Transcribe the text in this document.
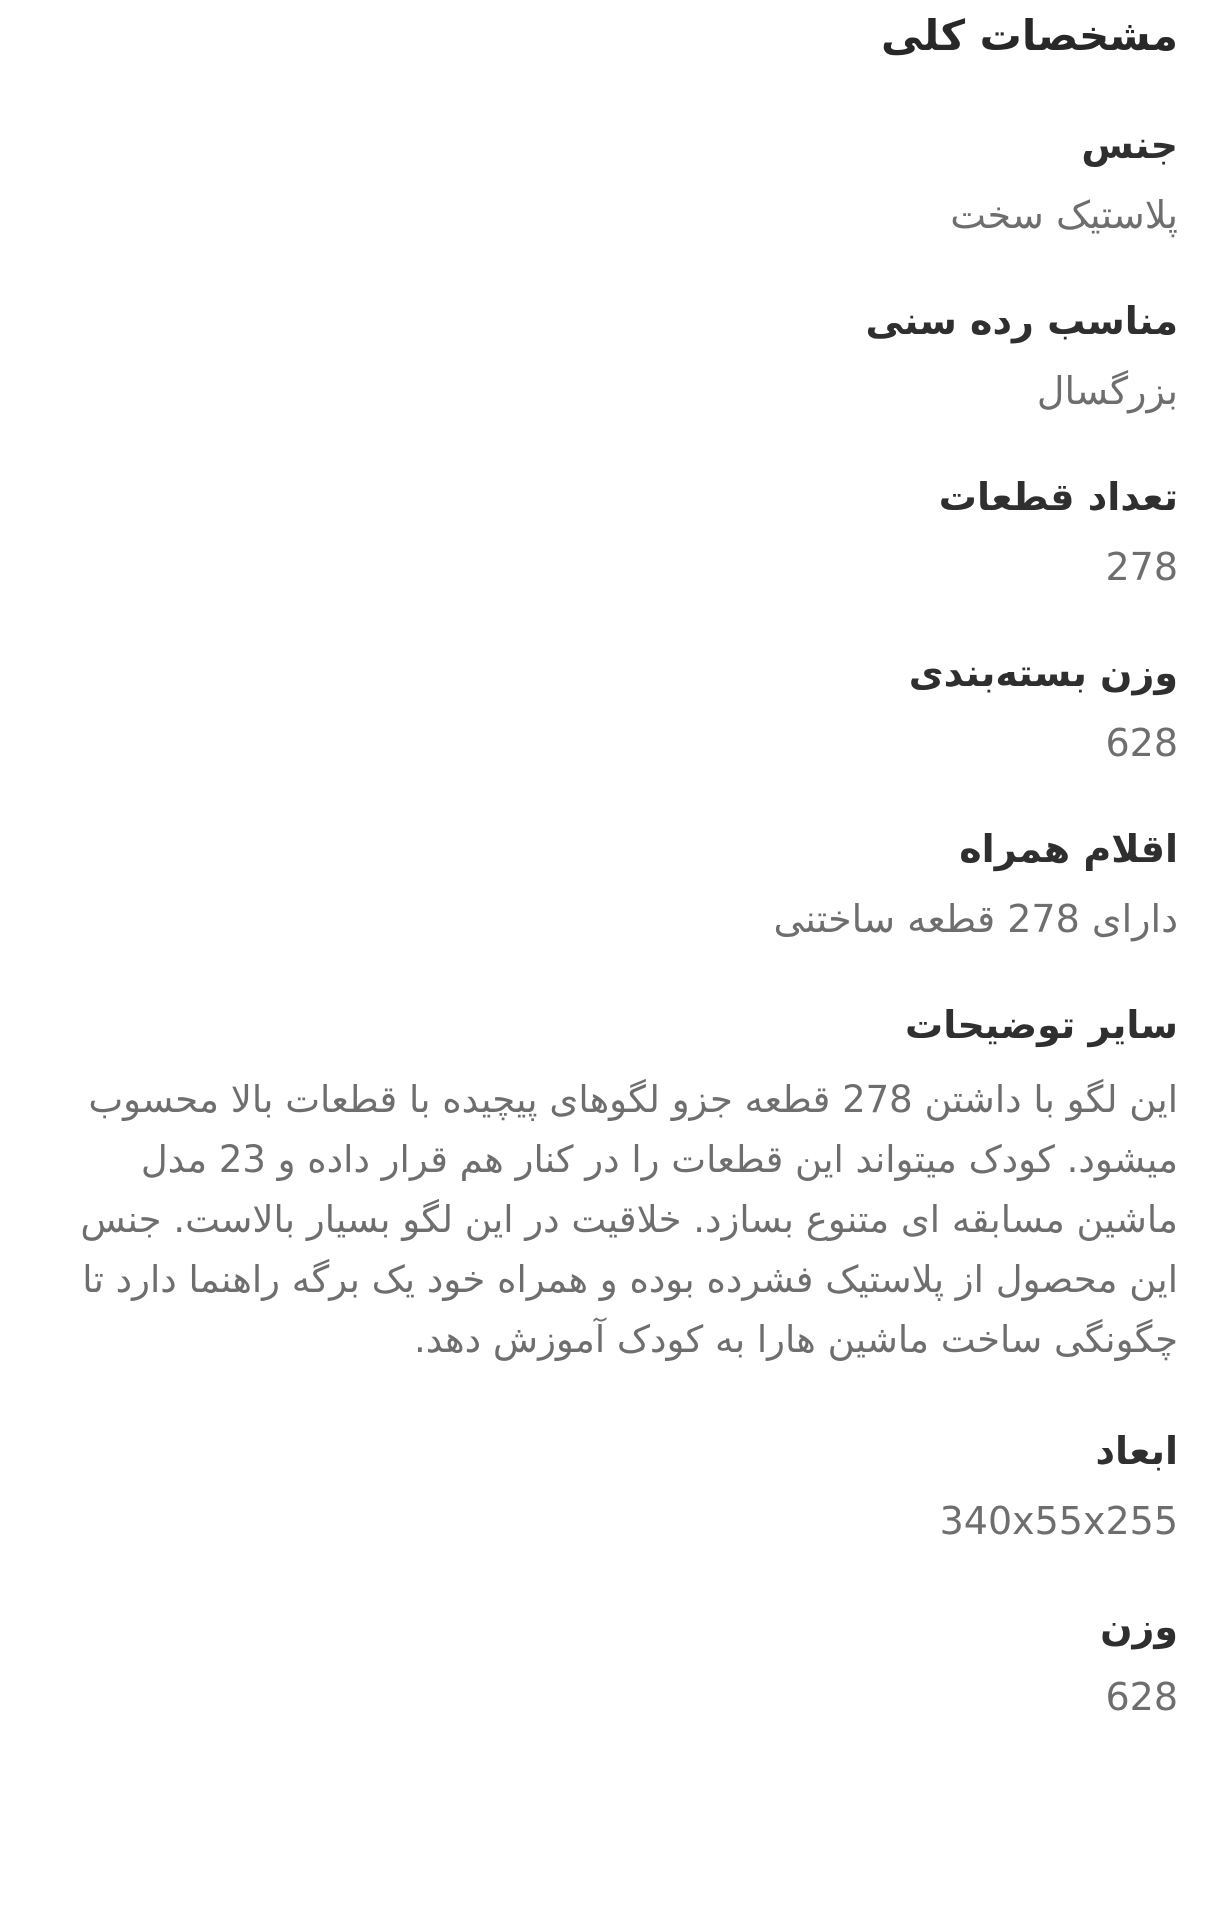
مشخصات کلی
جنس
پلاستیک سخت
مناسب رده سنی
بزرگسال
تعداد قطعات
278
وزن بسته‌بندی
628
اقلام همراه
دارای 278 قطعه ساختنی
سایر توضیحات
این لگو با داشتن 278 قطعه جزو لگوهای پیچیده با قطعات بالا محسوب میشود. کودک میتواند این قطعات را در کنار هم قرار داده و 23 مدل ماشین مسابقه ای متنوع بسازد. خلاقیت در این لگو بسیار بالاست. جنس این محصول از پلاستیک فشرده بوده و همراه خود یک برگه راهنما دارد تا چگونگی ساخت ماشین هارا به کودک آموزش دهد.
ابعاد
340x55x255
وزن
628
